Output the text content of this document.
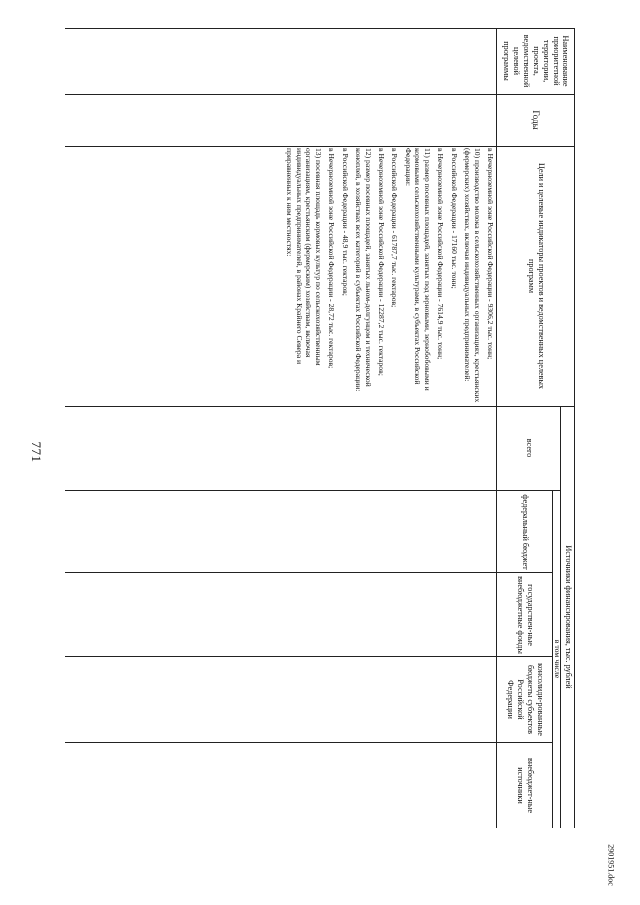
771
Наименование приоритетной территории, проекта, ведомственной целевой программы
Годы
Цели и целевые индикаторы проектов и ведомственных целевых программ
Источники финансирования, тыс. рублей
всего
в том числе
федеральный бюджет
государствен-ные внебюджетные фонды
консолиди-рованные бюджеты субъектов Российской Федерации
внебюджет-ные источники

в Нечерноземной зоне Российской Федерации - 9306,2 тыс. тонн;

10) производство молока в сельскохозяйственных организациях, крестьянских (фермерских) хозяйствах, включая индивидуальных предпринимателей:

в Российской Федерации - 17160 тыс. тонн;

в Нечерноземной зоне Российской Федерации - 7614,9 тыс. тонн;

11) размер посевных площадей, занятых под зерновыми, зернобобовыми и кормовыми сельскохозяйственными культурами, в субъектах Российской Федерации:

в Российской Федерации - 61787,7 тыс. гектаров;

в Нечерноземной зоне Российской Федерации - 12287,2 тыс. гектаров;

12) размер посевных площадей, занятых льном-долгунцом и технической коноплей, в хозяйствах всех категорий в субъектах Российской Федерации:

в Российской Федерации - 48,9 тыс. гектаров;

в Нечерноземной зоне Российской Федерации - 28,72 тыс. гектаров;

13) посевная площадь кормовых культур по сельскохозяйственным организациям, крестьянским (фермерским) хозяйствам, включая индивидуальных предпринимателей, в районах Крайнего Севера и приравненных к ним местностях:

2901951.doc
